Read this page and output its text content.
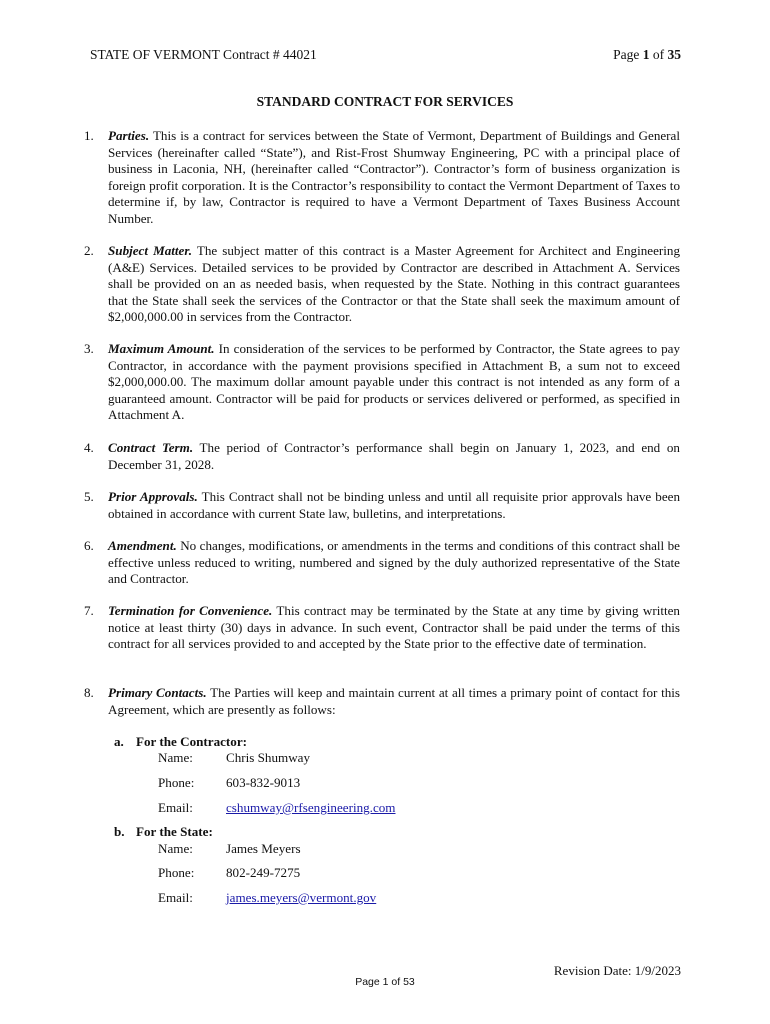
STATE OF VERMONT Contract # 44021	Page 1 of 35
STANDARD CONTRACT FOR SERVICES
1. Parties. This is a contract for services between the State of Vermont, Department of Buildings and General Services (hereinafter called “State”), and Rist-Frost Shumway Engineering, PC with a principal place of business in Laconia, NH, (hereinafter called “Contractor”). Contractor’s form of business organization is foreign profit corporation. It is the Contractor’s responsibility to contact the Vermont Department of Taxes to determine if, by law, Contractor is required to have a Vermont Department of Taxes Business Account Number.
2. Subject Matter. The subject matter of this contract is a Master Agreement for Architect and Engineering (A&E) Services. Detailed services to be provided by Contractor are described in Attachment A. Services shall be provided on an as needed basis, when requested by the State. Nothing in this contract guarantees that the State shall seek the services of the Contractor or that the State shall seek the maximum amount of $2,000,000.00 in services from the Contractor.
3. Maximum Amount. In consideration of the services to be performed by Contractor, the State agrees to pay Contractor, in accordance with the payment provisions specified in Attachment B, a sum not to exceed $2,000,000.00. The maximum dollar amount payable under this contract is not intended as any form of a guaranteed amount. Contractor will be paid for products or services delivered or performed, as specified in Attachment A.
4. Contract Term. The period of Contractor’s performance shall begin on January 1, 2023, and end on December 31, 2028.
5. Prior Approvals. This Contract shall not be binding unless and until all requisite prior approvals have been obtained in accordance with current State law, bulletins, and interpretations.
6. Amendment. No changes, modifications, or amendments in the terms and conditions of this contract shall be effective unless reduced to writing, numbered and signed by the duly authorized representative of the State and Contractor.
7. Termination for Convenience. This contract may be terminated by the State at any time by giving written notice at least thirty (30) days in advance. In such event, Contractor shall be paid under the terms of this contract for all services provided to and accepted by the State prior to the effective date of termination.
8. Primary Contacts. The Parties will keep and maintain current at all times a primary point of contact for this Agreement, which are presently as follows:
a. For the Contractor:
Name:	Chris Shumway
Phone: 603-832-9013
Email:	cshumway@rfsengineering.com
b. For the State:
Name:	James Meyers
Phone: 802-249-7275
Email:	james.meyers@vermont.gov
Revision Date: 1/9/2023
Page 1 of 53
